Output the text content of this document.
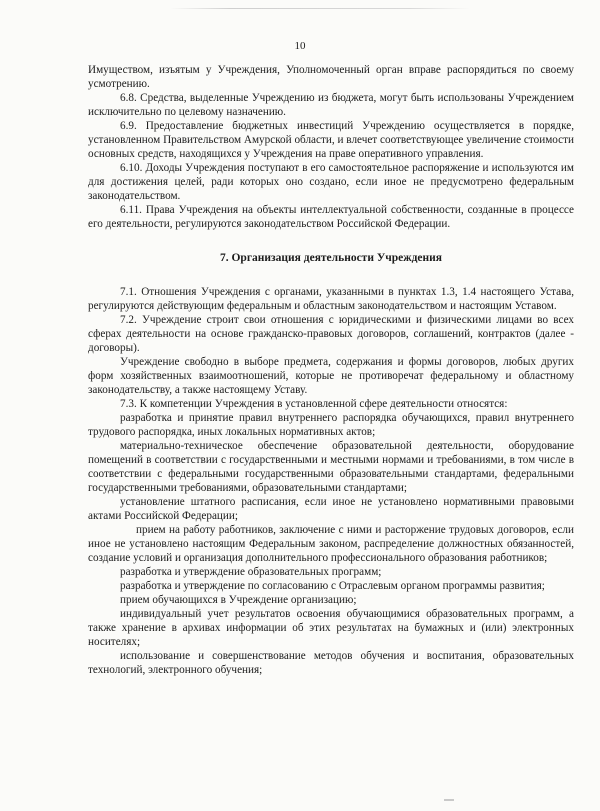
10

Имуществом, изъятым у Учреждения, Уполномоченный орган вправе распорядиться по своему усмотрению.

6.8. Средства, выделенные Учреждению из бюджета, могут быть использованы Учреждением исключительно по целевому назначению.

6.9. Предоставление бюджетных инвестиций Учреждению осуществляется в порядке, установленном Правительством Амурской области, и влечет соответствующее увеличение стоимости основных средств, находящихся у Учреждения на праве оперативного управления.

6.10. Доходы Учреждения поступают в его самостоятельное распоряжение и используются им для достижения целей, ради которых оно создано, если иное не предусмотрено федеральным законодательством.

6.11. Права Учреждения на объекты интеллектуальной собственности, созданные в процессе его деятельности, регулируются законодательством Российской Федерации.

7. Организация деятельности Учреждения

7.1. Отношения Учреждения с органами, указанными в пунктах 1.3, 1.4 настоящего Устава, регулируются действующим федеральным и областным законодательством и настоящим Уставом.

7.2. Учреждение строит свои отношения с юридическими и физическими лицами во всех сферах деятельности на основе гражданско-правовых договоров, соглашений, контрактов (далее - договоры).

Учреждение свободно в выборе предмета, содержания и формы договоров, любых других форм хозяйственных взаимоотношений, которые не противоречат федеральному и областному законодательству, а также настоящему Уставу.

7.3. К компетенции Учреждения в установленной сфере деятельности относятся:

разработка и принятие правил внутреннего распорядка обучающихся, правил внутреннего трудового распорядка, иных локальных нормативных актов;

материально-техническое обеспечение образовательной деятельности, оборудование помещений в соответствии с государственными и местными нормами и требованиями, в том числе в соответствии с федеральными государственными образовательными стандартами, федеральными государственными требованиями, образовательными стандартами;

установление штатного расписания, если иное не установлено нормативными правовыми актами Российской Федерации;

прием на работу работников, заключение с ними и расторжение трудовых договоров, если иное не установлено настоящим Федеральным законом, распределение должностных обязанностей, создание условий и организация дополнительного профессионального образования работников;

разработка и утверждение образовательных программ;

разработка и утверждение по согласованию с Отраслевым органом программы развития;

прием обучающихся в Учреждение организацию;

индивидуальный учет результатов освоения обучающимися образовательных программ, а также хранение в архивах информации об этих результатах на бумажных и (или) электронных носителях;

использование и совершенствование методов обучения и воспитания, образовательных технологий, электронного обучения;
